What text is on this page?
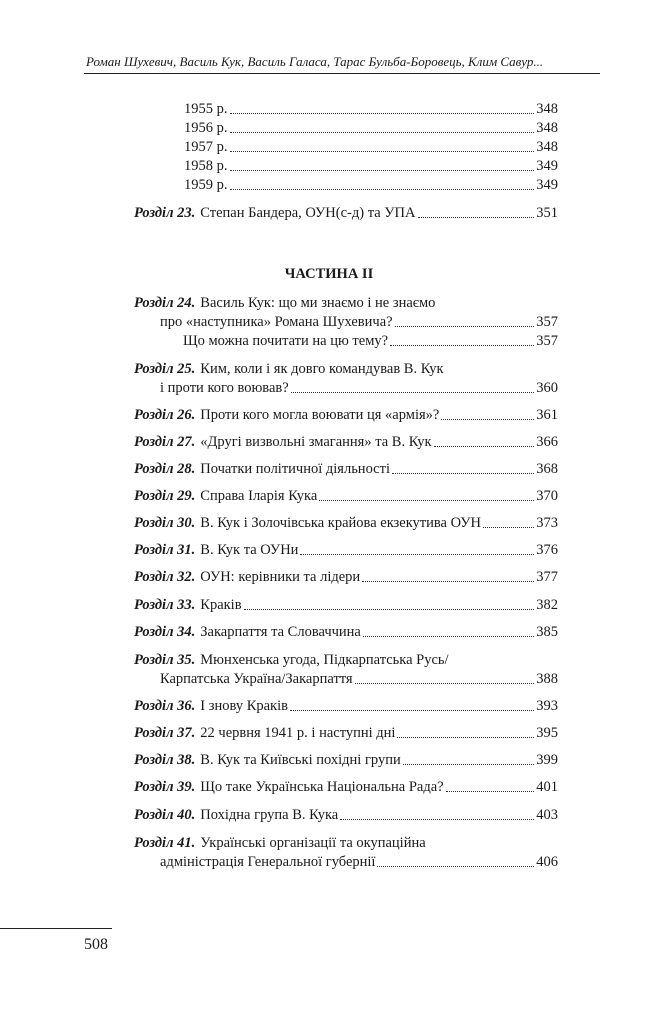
Роман Шухевич, Василь Кук, Василь Галаса, Тарас Бульба-Боровець, Клим Савур...
1955 р.	348
1956 р.	348
1957 р.	348
1958 р.	349
1959 р.	349
Розділ 23. Степан Бандера, ОУН(с-д) та УПА	351
ЧАСТИНА ІІ
Розділ 24. Василь Кук: що ми знаємо і не знаємо
про «наступника» Романа Шухевича?	357
Що можна почитати на цю тему?	357
Розділ 25. Ким, коли і як довго командував В. Кук
і проти кого воював?	360
Розділ 26. Проти кого могла воювати ця «армія»?	361
Розділ 27. «Другі визвольні змагання» та В. Кук	366
Розділ 28. Початки політичної діяльності	368
Розділ 29. Справа Іларія Кука	370
Розділ 30. В. Кук і Золочівська крайова екзекутива ОУН	373
Розділ 31. В. Кук та ОУНи	376
Розділ 32. ОУН: керівники та лідери	377
Розділ 33. Краків	382
Розділ 34. Закарпаття та Словаччина	385
Розділ 35. Мюнхенська угода, Підкарпатська Русь/
Карпатська Україна/Закарпаття	388
Розділ 36. І знову Краків	393
Розділ 37. 22 червня 1941 р. і наступні дні	395
Розділ 38. В. Кук та Київські похідні групи	399
Розділ 39. Що таке Українська Національна Рада?	401
Розділ 40. Похідна група В. Кука	403
Розділ 41. Українські організації та окупаційна
адміністрація Генеральної губернії	406
508
